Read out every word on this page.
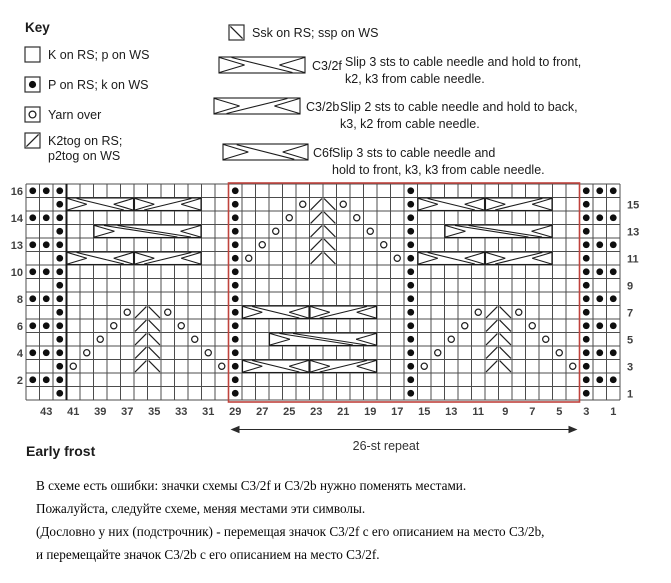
Key
K on RS; p on WS
P on RS; k on WS
Yarn over
K2tog on RS;
p2tog on WS
Ssk on RS; ssp on WS
C3/2f Slip 3 sts to cable needle and hold to front,
k2, k3 from cable needle.
C3/2b Slip 2 sts to cable needle and hold to back,
k3, k2 from cable needle.
C6f Slip 3 sts to cable needle and
hold to front, k3, k3 from cable needle.
16
14
13
10
8
6
4
2
15
13
11
9
7
5
3
1
43 41 39 37 35 33 31 29 27 25 23 21 19 17 15 13 11 9 7 5 3 1
26-st repeat
Early frost
В схеме есть ошибки: значки схемы C3/2f и C3/2b нужно поменять местами.
Пожалуйста, следуйте схеме, меняя местами эти символы.
(Дословно у них (подстрочник) - перемещая значок C3/2f с его описанием на место C3/2b,
и перемещайте значок C3/2b с его описанием на место C3/2f.
